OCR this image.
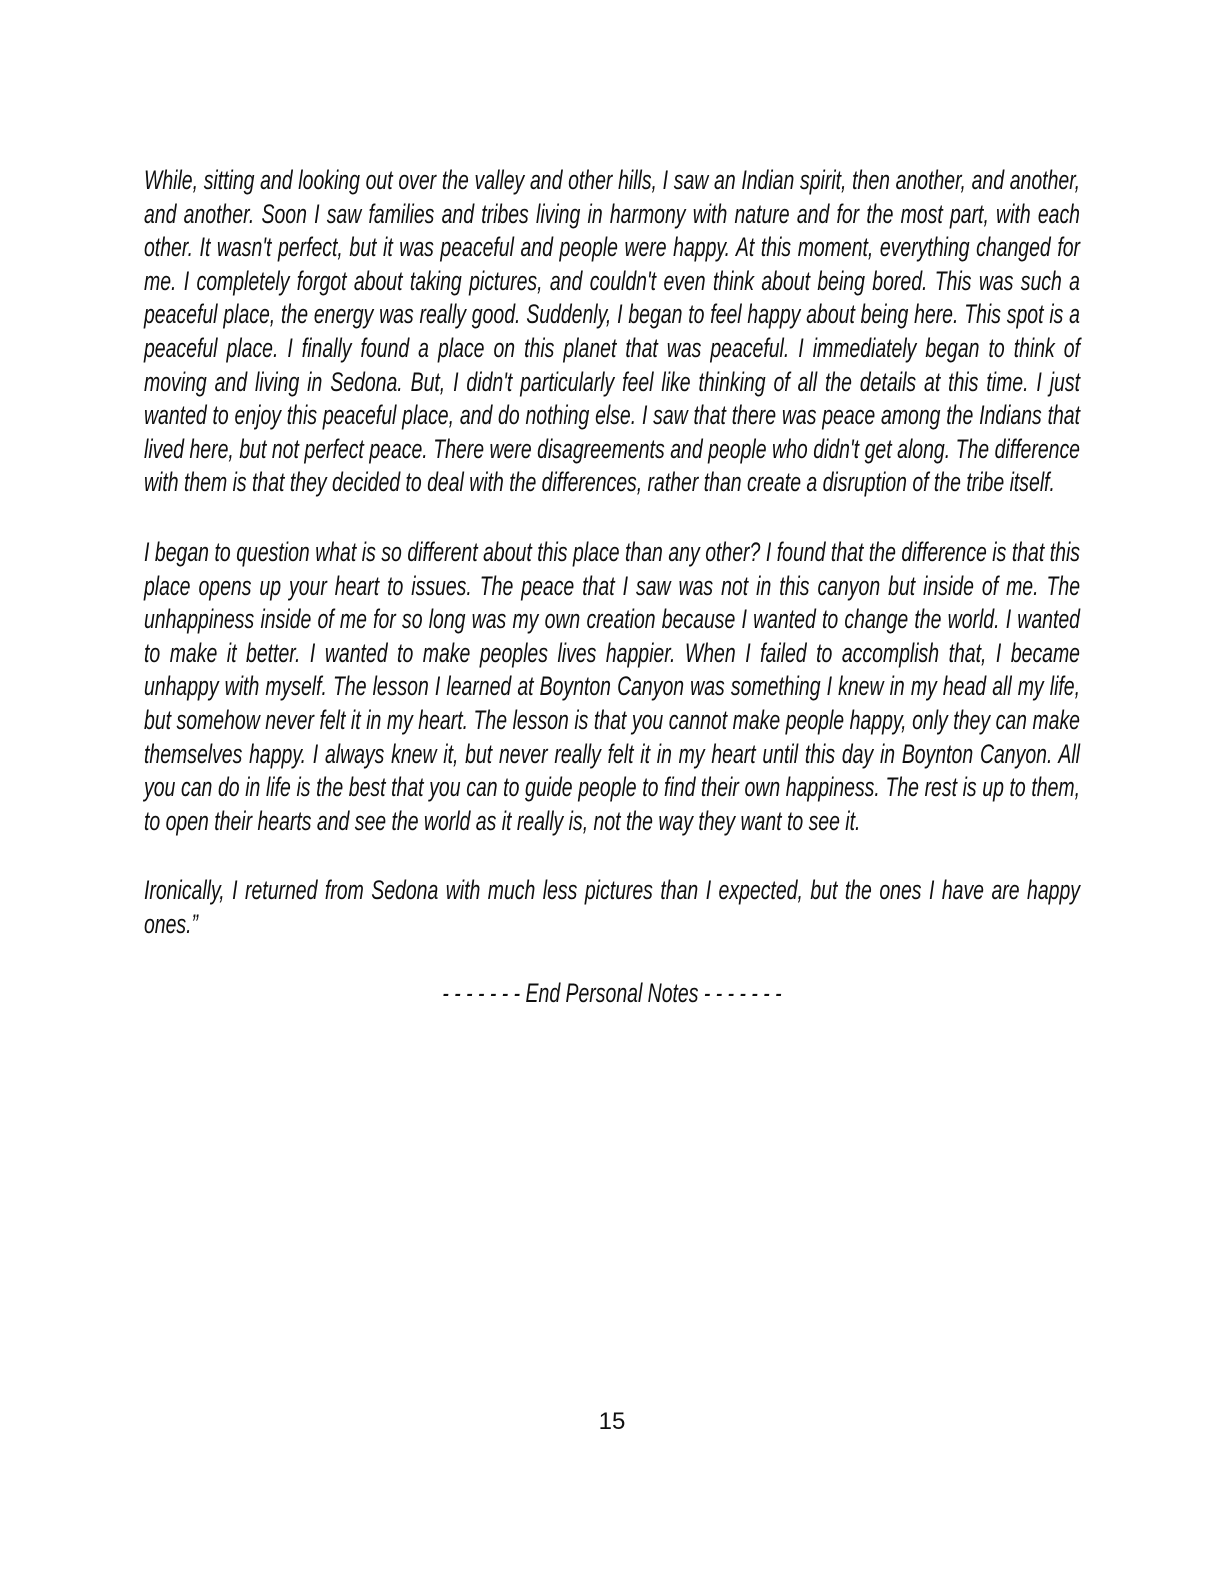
While, sitting and looking out over the valley and other hills, I saw an Indian spirit, then another, and another, and another. Soon I saw families and tribes living in harmony with nature and for the most part, with each other. It wasn't perfect, but it was peaceful and people were happy. At this moment, everything changed for me. I completely forgot about taking pictures, and couldn't even think about being bored. This was such a peaceful place, the energy was really good. Suddenly, I began to feel happy about being here. This spot is a peaceful place. I finally found a place on this planet that was peaceful. I immediately began to think of moving and living in Sedona. But, I didn't particularly feel like thinking of all the details at this time. I just wanted to enjoy this peaceful place, and do nothing else. I saw that there was peace among the Indians that lived here, but not perfect peace. There were disagreements and people who didn't get along. The difference with them is that they decided to deal with the differences, rather than create a disruption of the tribe itself.

I began to question what is so different about this place than any other? I found that the difference is that this place opens up your heart to issues. The peace that I saw was not in this canyon but inside of me. The unhappiness inside of me for so long was my own creation because I wanted to change the world. I wanted to make it better. I wanted to make peoples lives happier. When I failed to accomplish that, I became unhappy with myself. The lesson I learned at Boynton Canyon was something I knew in my head all my life, but somehow never felt it in my heart. The lesson is that you cannot make people happy, only they can make themselves happy. I always knew it, but never really felt it in my heart until this day in Boynton Canyon. All you can do in life is the best that you can to guide people to find their own happiness. The rest is up to them, to open their hearts and see the world as it really is, not the way they want to see it.

Ironically, I returned from Sedona with much less pictures than I expected, but the ones I have are happy ones.”

- - - - - - - End Personal Notes - - - - - - -

15
